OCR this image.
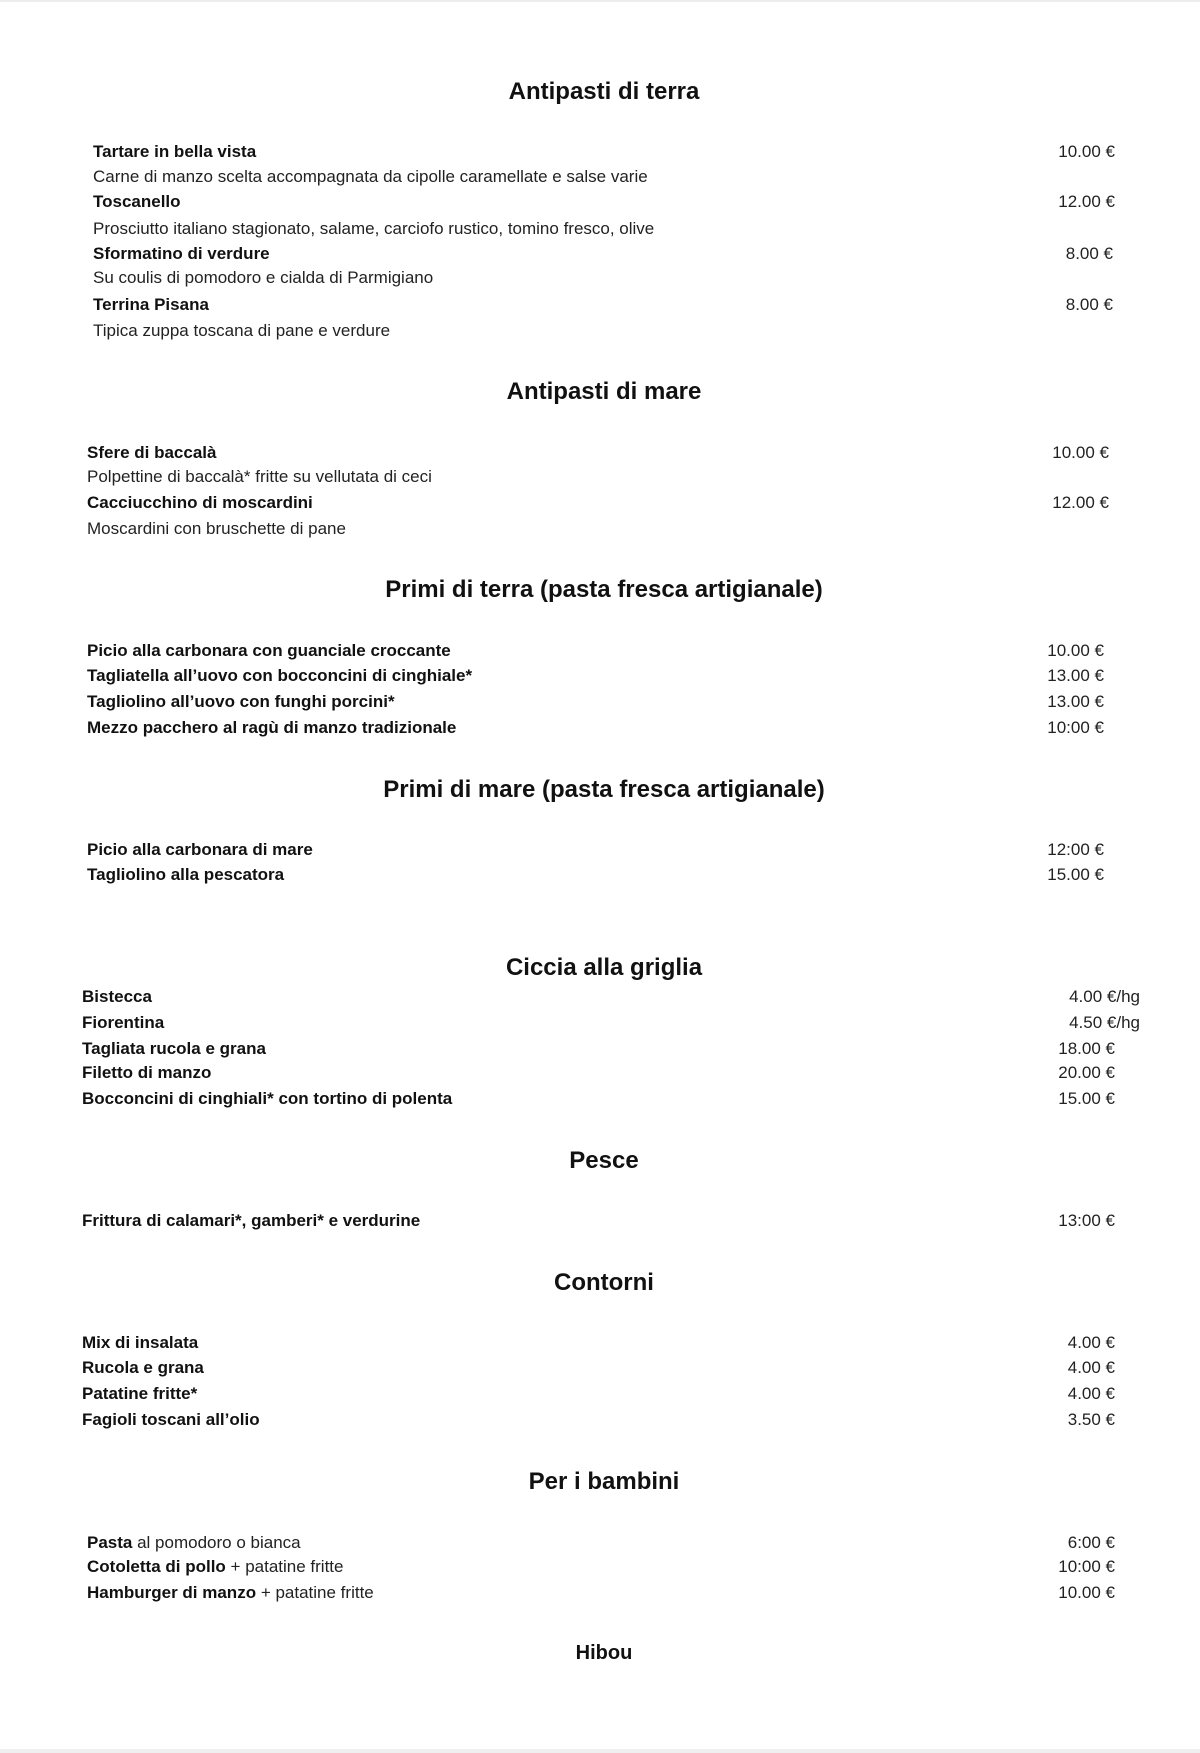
Antipasti di terra
Tartare in bella vista	10.00 €
Carne di manzo scelta accompagnata da cipolle caramellate e salse varie
Toscanello	12.00 €
Prosciutto italiano stagionato, salame, carciofo rustico, tomino fresco, olive
Sformatino di verdure	8.00 €
Su coulis di pomodoro e cialda di Parmigiano
Terrina Pisana	8.00 €
Tipica zuppa toscana di pane e verdure
Antipasti di mare
Sfere di baccalà	10.00 €
Polpettine di baccalà* fritte su vellutata di ceci
Cacciucchino di moscardini	12.00 €
Moscardini con bruschette di pane
Primi di terra (pasta fresca artigianale)
Picio alla carbonara con guanciale croccante	10.00 €
Tagliatella all’uovo con bocconcini di cinghiale*	13.00 €
Tagliolino all’uovo con funghi porcini*	13.00 €
Mezzo pacchero al ragù di manzo tradizionale	10:00 €
Primi di mare (pasta fresca artigianale)
Picio alla carbonara di mare	12:00 €
Tagliolino alla pescatora	15.00 €
Ciccia alla griglia
Bistecca	4.00 €/hg
Fiorentina	4.50 €/hg
Tagliata rucola e grana	18.00 €
Filetto di manzo	20.00 €
Bocconcini di cinghiali* con tortino di polenta	15.00 €
Pesce
Frittura di calamari*, gamberi* e verdurine	13:00 €
Contorni
Mix di insalata	4.00 €
Rucola e grana	4.00 €
Patatine fritte*	4.00 €
Fagioli toscani all’olio	3.50 €
Per i bambini
Pasta al pomodoro o bianca	6:00 €
Cotoletta di pollo + patatine fritte	10:00 €
Hamburger di manzo + patatine fritte	10.00 €
Hibou
